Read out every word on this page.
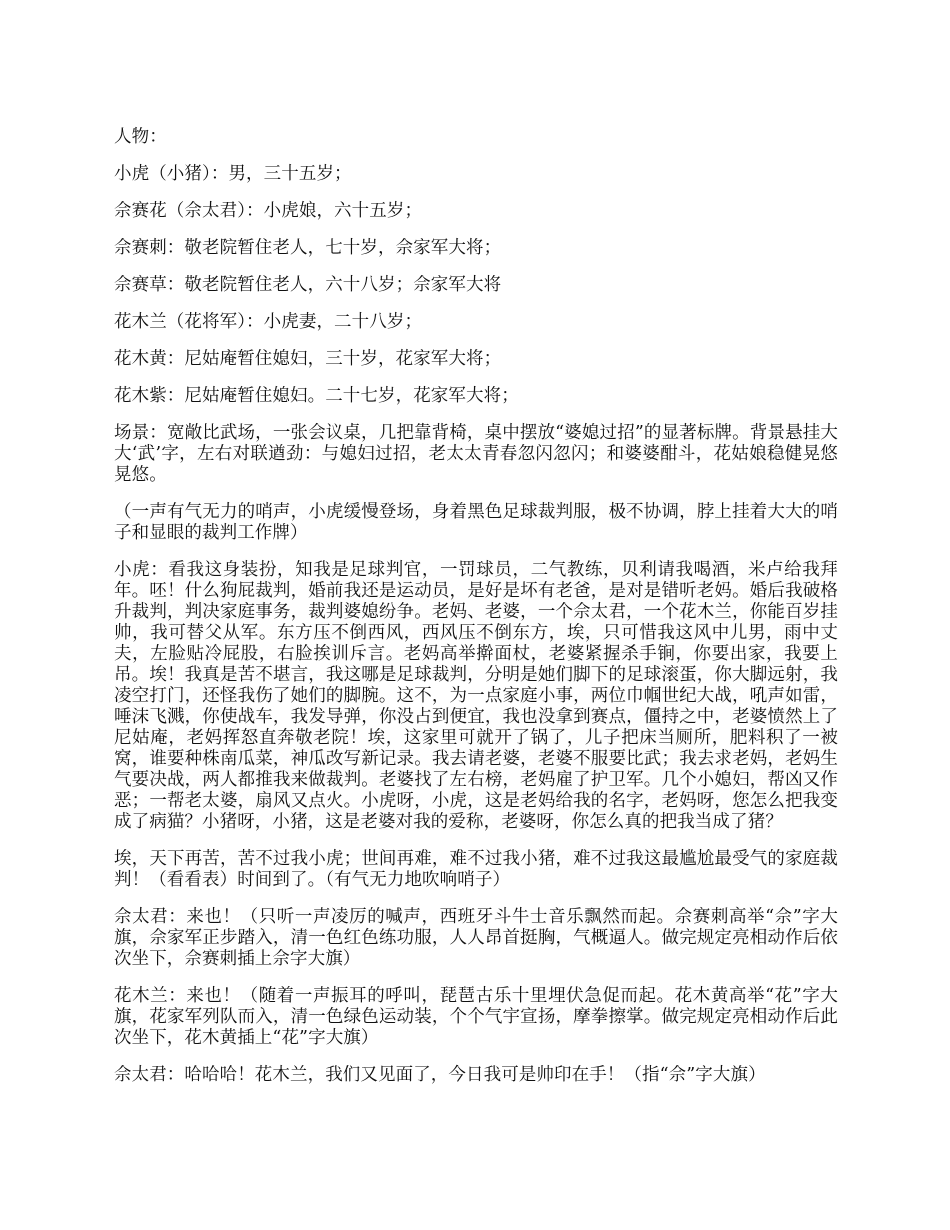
人物：

小虎（小猪）：男，三十五岁；

佘赛花（佘太君）：小虎娘，六十五岁；

佘赛刺：敬老院暂住老人，七十岁，佘家军大将；

佘赛草：敬老院暂住老人，六十八岁；佘家军大将

花木兰（花将军）：小虎妻，二十八岁；

花木黄：尼姑庵暂住媳妇，三十岁，花家军大将；

花木紫：尼姑庵暂住媳妇。二十七岁，花家军大将；

场景：宽敞比武场，一张会议桌，几把靠背椅，桌中摆放“婆媳过招”的显著标牌。背景悬挂大大‘武’字，左右对联遒劲：与媳妇过招，老太太青春忽闪忽闪；和婆婆酣斗，花姑娘稳健晃悠晃悠。

（一声有气无力的哨声，小虎缓慢登场，身着黑色足球裁判服，极不协调，脖上挂着大大的哨子和显眼的裁判工作牌）

小虎：看我这身装扮，知我是足球判官，一罚球员，二气教练，贝利请我喝酒，米卢给我拜年。呸！什么狗屁裁判，婚前我还是运动员，是好是坏有老爸，是对是错听老妈。婚后我破格升裁判，判决家庭事务，裁判婆媳纷争。老妈、老婆，一个佘太君，一个花木兰，你能百岁挂帅，我可替父从军。东方压不倒西风，西风压不倒东方，埃，只可惜我这风中儿男，雨中丈夫，左脸贴冷屁股，右脸挨训斥言。老妈高举擀面杖，老婆紧握杀手锏，你要出家，我要上吊。埃！我真是苦不堪言，我这哪是足球裁判，分明是她们脚下的足球滚蛋，你大脚远射，我凌空打门，还怪我伤了她们的脚腕。这不，为一点家庭小事，两位巾帼世纪大战，吼声如雷，唾沫飞溅，你使战车，我发导弹，你没占到便宜，我也没拿到赛点，僵持之中，老婆愤然上了尼姑庵，老妈挥怒直奔敬老院！埃，这家里可就开了锅了，儿子把床当厕所，肥料积了一被窝，谁要种株南瓜菜，神瓜改写新记录。我去请老婆，老婆不服要比武；我去求老妈，老妈生气要决战，两人都推我来做裁判。老婆找了左右榜，老妈雇了护卫军。几个小媳妇，帮凶又作恶；一帮老太婆，扇风又点火。小虎呀，小虎，这是老妈给我的名字，老妈呀，您怎么把我变成了病猫？小猪呀，小猪，这是老婆对我的爱称，老婆呀，你怎么真的把我当成了猪？

埃，天下再苦，苦不过我小虎；世间再难，难不过我小猪，难不过我这最尴尬最受气的家庭裁判！（看看表）时间到了。（有气无力地吹响哨子）

佘太君：来也！（只听一声凌厉的喊声，西班牙斗牛士音乐飘然而起。佘赛刺高举“佘”字大旗，佘家军正步踏入，清一色红色练功服，人人昂首挺胸，气概逼人。做完规定亮相动作后依次坐下，佘赛刺插上佘字大旗）

花木兰：来也！（随着一声振耳的呼叫，琵琶古乐十里埋伏急促而起。花木黄高举“花”字大旗，花家军列队而入，清一色绿色运动装，个个气宇宣扬，摩拳擦掌。做完规定亮相动作后此次坐下，花木黄插上“花”字大旗）

佘太君：哈哈哈！花木兰，我们又见面了，今日我可是帅印在手！（指“佘”字大旗）
